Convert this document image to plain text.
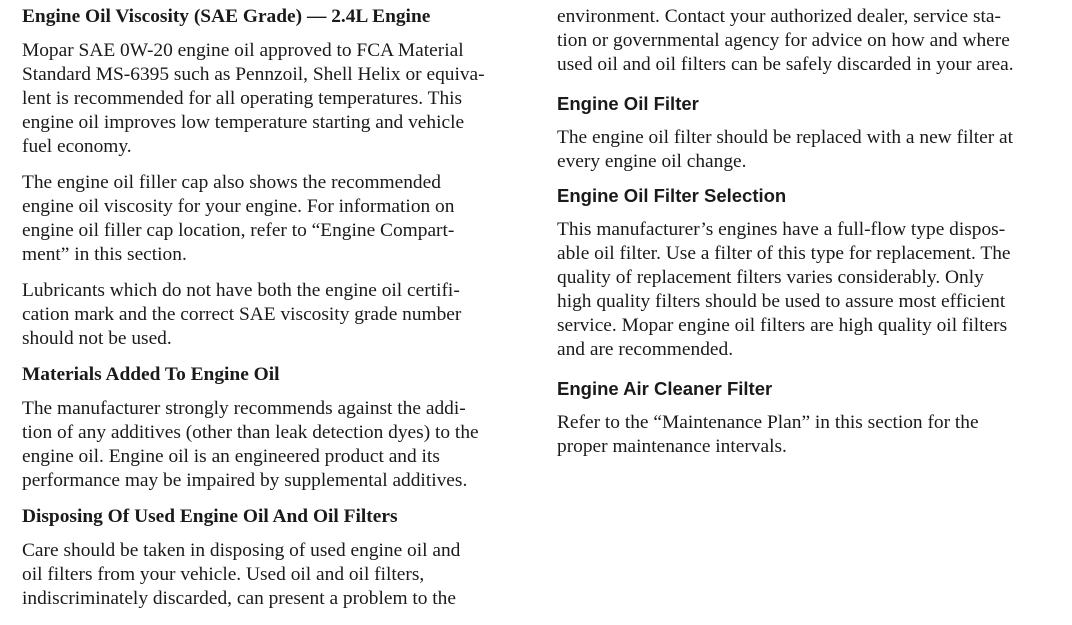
Engine Oil Viscosity (SAE Grade) — 2.4L Engine

Mopar SAE 0W-20 engine oil approved to FCA Material
Standard MS-6395 such as Pennzoil, Shell Helix or equiva-
lent is recommended for all operating temperatures. This
engine oil improves low temperature starting and vehicle
fuel economy.

The engine oil filler cap also shows the recommended
engine oil viscosity for your engine. For information on
engine oil filler cap location, refer to “Engine Compart-
ment” in this section.

Lubricants which do not have both the engine oil certifi-
cation mark and the correct SAE viscosity grade number
should not be used.

Materials Added To Engine Oil

The manufacturer strongly recommends against the addi-
tion of any additives (other than leak detection dyes) to the
engine oil. Engine oil is an engineered product and its
performance may be impaired by supplemental additives.

Disposing Of Used Engine Oil And Oil Filters

Care should be taken in disposing of used engine oil and
oil filters from your vehicle. Used oil and oil filters,
indiscriminately discarded, can present a problem to the

environment. Contact your authorized dealer, service sta-
tion or governmental agency for advice on how and where
used oil and oil filters can be safely discarded in your area.

Engine Oil Filter

The engine oil filter should be replaced with a new filter at
every engine oil change.

Engine Oil Filter Selection

This manufacturer’s engines have a full-flow type dispos-
able oil filter. Use a filter of this type for replacement. The
quality of replacement filters varies considerably. Only
high quality filters should be used to assure most efficient
service. Mopar engine oil filters are high quality oil filters
and are recommended.

Engine Air Cleaner Filter

Refer to the “Maintenance Plan” in this section for the
proper maintenance intervals.
